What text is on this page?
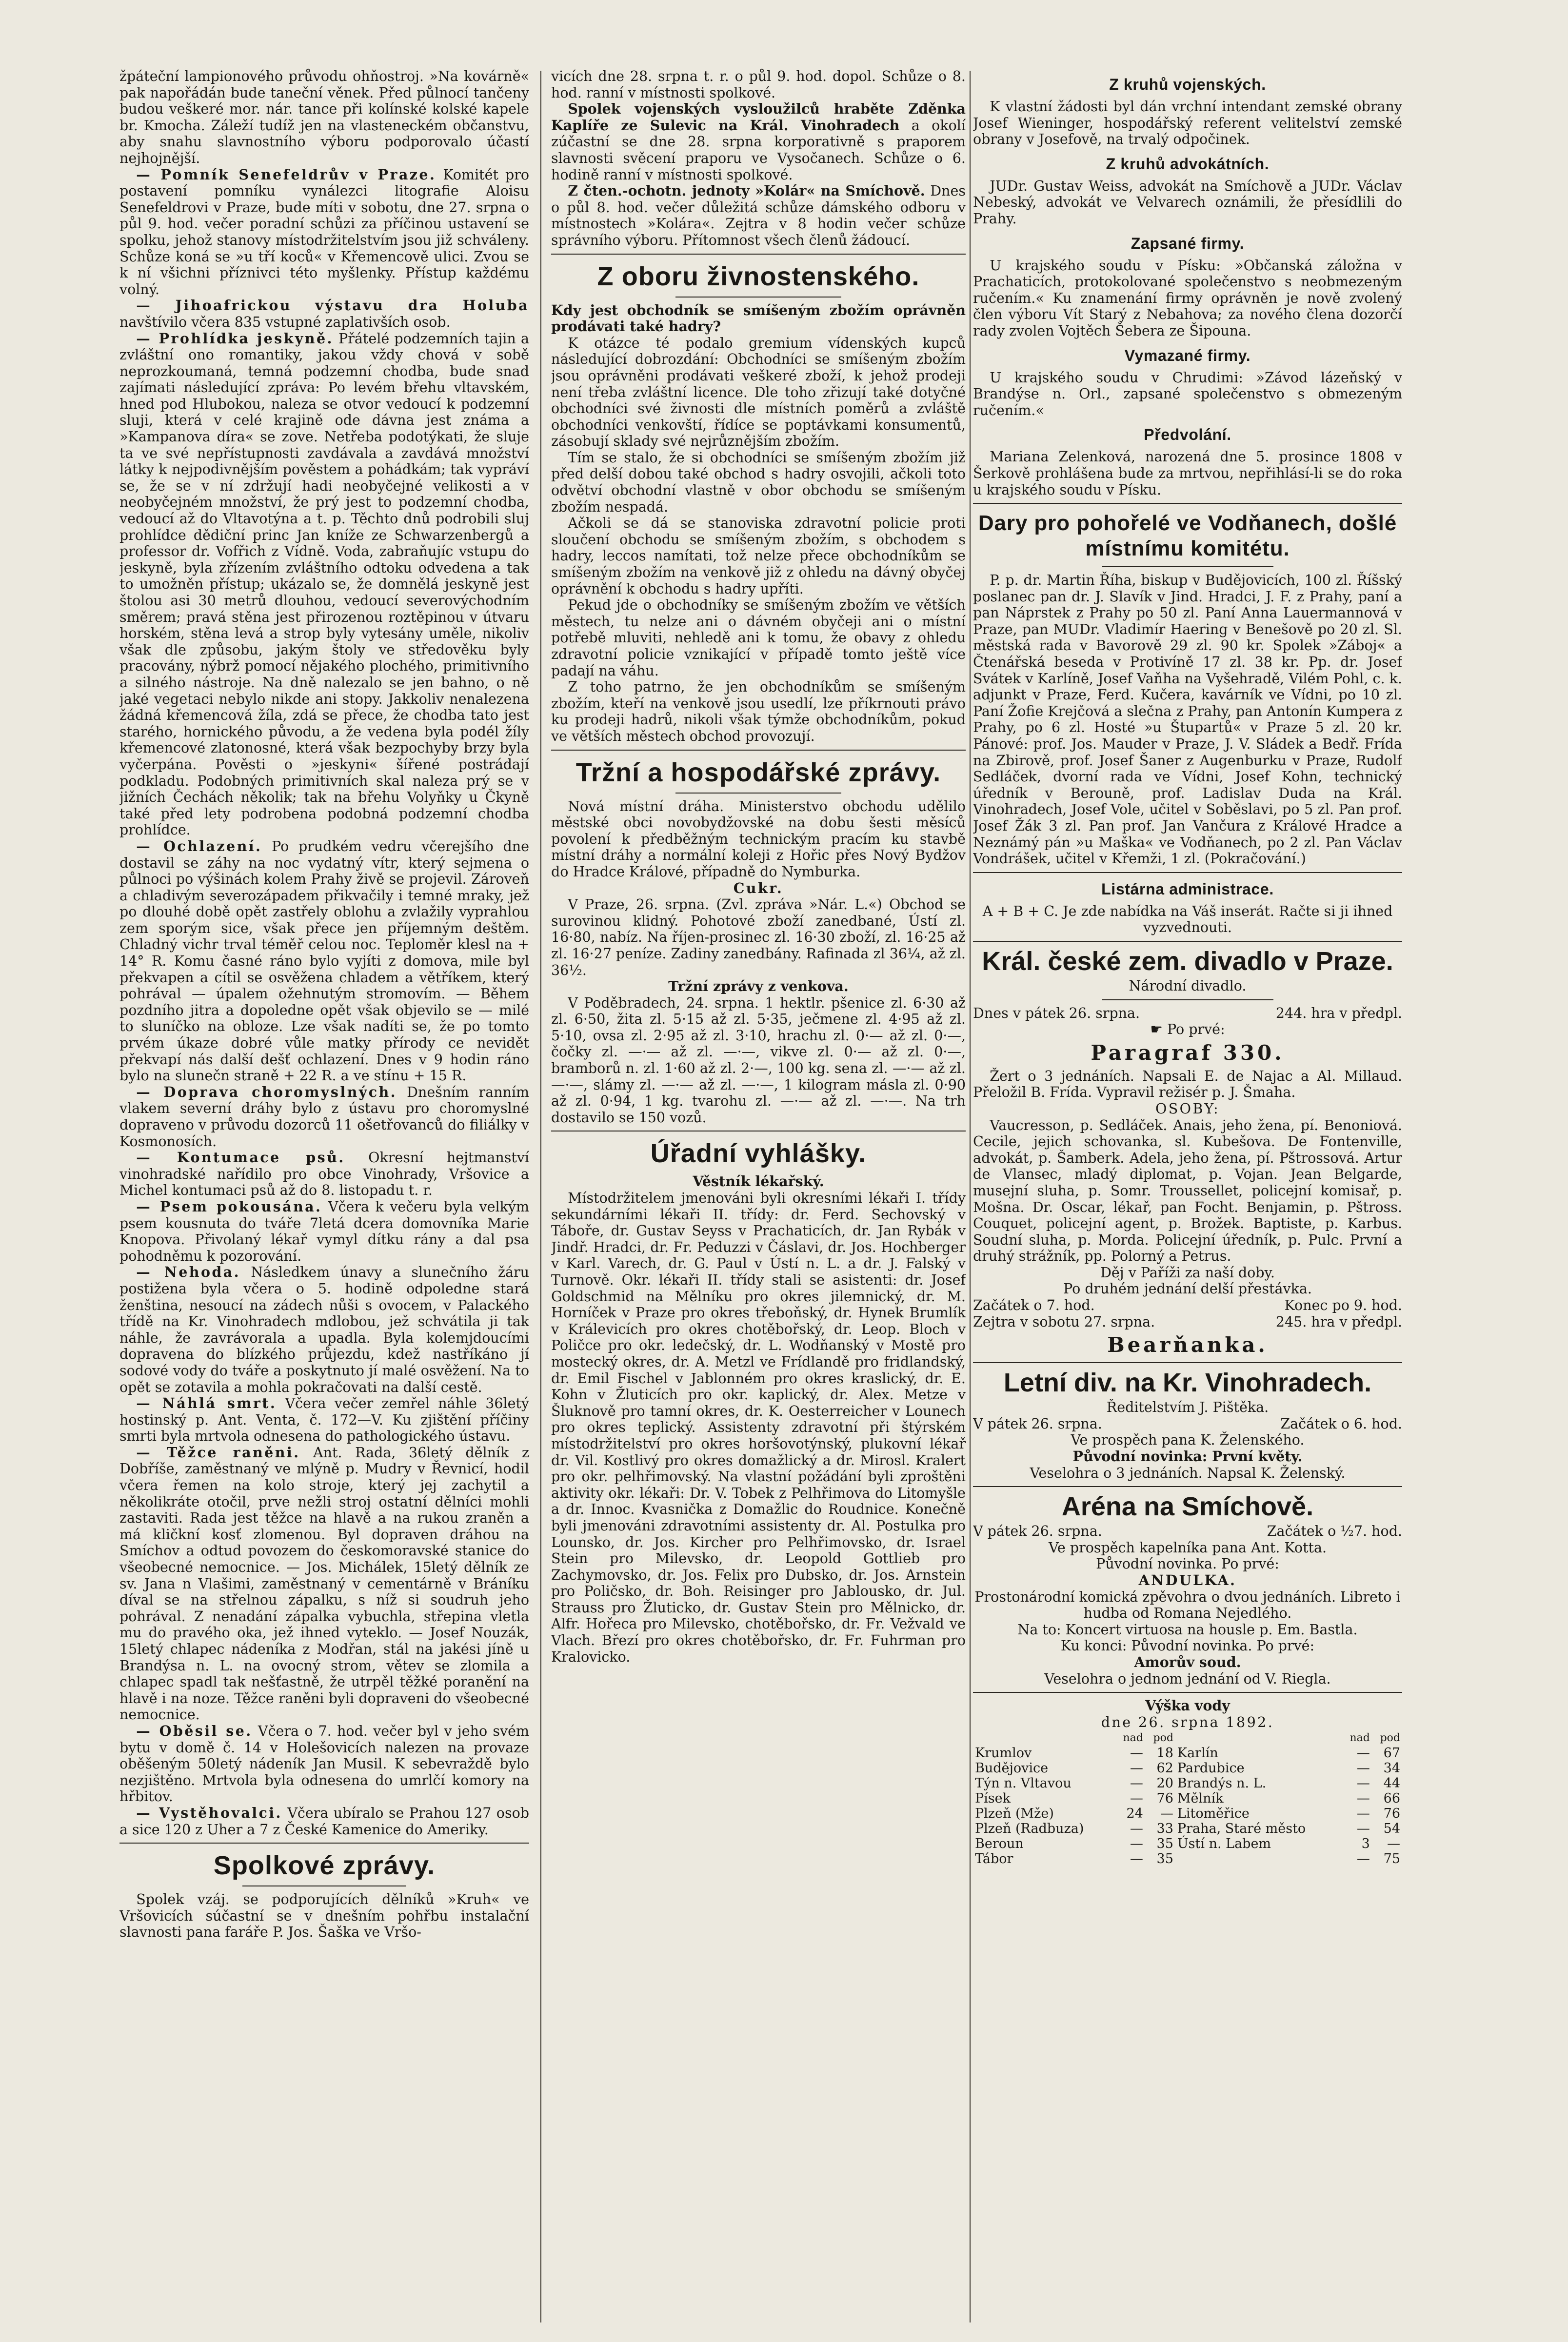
žpáteční lampionového průvodu ohňostroj. »Na kovárně« pak napořádán bude taneční věnek. Před půlnocí tančeny budou veškeré mor. nár. tance při kolínské kolské kapele br. Kmocha. Záleží tudíž jen na vlasteneckém občanstvu, aby snahu slavnostního výboru podporovalo účastí nejhojnější.

— Pomník Senefeldrův v Praze. Komitét pro postavení pomníku vynálezci litografie Aloisu Senefeldrovi v Praze, bude míti v sobotu, dne 27. srpna o půl 9. hod. večer poradní schůzi za příčinou ustavení se spolku, jehož stanovy místodržitelstvím jsou již schváleny. Schůze koná se »u tří koců« v Křemencově ulici. Zvou se k ní všichni příznivci této myšlenky. Přístup každému volný.

— Jihoafrickou výstavu dra Holuba navštívilo včera 835 vstupné zaplativších osob.

— Prohlídka jeskyně. Přátelé podzemních tajin a zvláštní ono romantiky, jakou vždy chová v sobě neprozkoumaná, temná podzemní chodba, bude snad zajímati následující zpráva: Po levém břehu vltavském, hned pod Hlubokou, naleza se otvor vedoucí k podzemní sluji, která v celé krajině ode dávna jest známa a »Kampanova díra« se zove. Netřeba podotýkati, že sluje ta ve své nepřístupnosti zavdávala a zavdává množství látky k nejpodivnějším pověstem a pohádkám; tak vypráví se, že se v ní zdržují hadi neobyčejné velikosti a v neobyčejném množství, že prý jest to podzemní chodba, vedoucí až do Vltavotýna a t. p. Těchto dnů podrobili sluj prohlídce dědiční princ Jan kníže ze Schwarzenbergů a professor dr. Vofřich z Vídně. Voda, zabraňujíc vstupu do jeskyně, byla zřízením zvláštního odtoku odvedena a tak to umožněn přístup; ukázalo se, že domnělá jeskyně jest štolou asi 30 metrů dlouhou, vedoucí severovýchodním směrem; pravá stěna jest přirozenou roztěpinou v útvaru horském, stěna levá a strop byly vytesány uměle, nikoliv však dle způsobu, jakým štoly ve středověku byly pracovány, nýbrž pomocí nějakého plochého, primitivního a silného nástroje. Na dně nalezalo se jen bahno, o ně jaké vegetaci nebylo nikde ani stopy. Jakkoliv nenalezena žádná křemencová žíla, zdá se přece, že chodba tato jest starého, hornického původu, a že vedena byla podél žíly křemencové zlatonosné, která však bezpochyby brzy byla vyčerpána. Pověsti o »jeskyni« šířené postrádají podkladu. Podobných primitivních skal naleza prý se v jižních Čechách několik; tak na břehu Volyňky u Čkyně také před lety podrobena podobná podzemní chodba prohlídce.

— Ochlazení. Po prudkém vedru včerejšího dne dostavil se záhy na noc vydatný vítr, který sejmena o půlnoci po výšinách kolem Prahy živě se projevil. Zároveň a chladivým severozápadem přikvačily i temné mraky, jež po dlouhé době opět zastřely oblohu a zvlažily vyprahlou zem sporým sice, však přece jen příjemným deštěm. Chladný vichr trval téměř celou noc. Teploměr klesl na + 14° R. Komu časné ráno bylo vyjíti z domova, mile byl překvapen a cítil se osvěžena chladem a větříkem, který pohrával — úpalem ožehnutým stromovím. — Během pozdního jitra a dopoledne opět však objevilo se — milé to sluníčko na obloze. Lze však nadíti se, že po tomto prvém úkaze dobré vůle matky přírody ce nevidět překvapí nás další dešť ochlazení. Dnes v 9 hodin ráno bylo na slunečn straně + 22 R. a ve stínu + 15 R.

— Doprava choromyslných. Dnešním ranním vlakem severní dráhy bylo z ústavu pro choromyslné dopraveno v průvodu dozorců 11 ošetřovanců do filiálky v Kosmonosích.

— Kontumace psů. Okresní hejtmanství vinohradské nařídilo pro obce Vinohrady, Vršovice a Michel kontumaci psů až do 8. listopadu t. r.

— Psem pokousána. Včera k večeru byla velkým psem kousnuta do tváře 7letá dcera domovníka Marie Knopova. Přivolaný lékař vymyl dítku rány a dal psa pohodněmu k pozorování.

— Nehoda. Následkem únavy a slunečního žáru postižena byla včera o 5. hodině odpoledne stará ženština, nesoucí na zádech nůši s ovocem, v Palackého třídě na Kr. Vinohradech mdlobou, jež schvátila ji tak náhle, že zavrávorala a upadla. Byla kolemjdoucími dopravena do blízkého průjezdu, kdež nastříkáno jí sodové vody do tváře a poskytnuto jí malé osvěžení. Na to opět se zotavila a mohla pokračovati na další cestě.

— Náhlá smrt. Včera večer zemřel náhle 36letý hostinský p. Ant. Venta, č. 172—V. Ku zjištění příčiny smrti byla mrtvola odnesena do pathologického ústavu.

— Těžce raněni. Ant. Rada, 36letý dělník z Dobříše, zaměstnaný ve mlýně p. Mudry v Řevnicí, hodil včera řemen na kolo stroje, který jej zachytil a několikráte otočil, prve nežli stroj ostatní dělníci mohli zastaviti. Rada jest těžce na hlavě a na rukou zraněn a má kličkní kosť zlomenou. Byl dopraven dráhou na Smíchov a odtud povozem do českomoravské stanice do všeobecné nemocnice. — Jos. Michálek, 15letý dělník ze sv. Jana n Vlašimi, zaměstnaný v cementárně v Bráníku díval se na střelnou zápalku, s níž si soudruh jeho pohrával. Z nenadání zápalka vybuchla, střepina vletla mu do pravého oka, jež ihned vyteklo. — Josef Nouzák, 15letý chlapec nádeníka z Modřan, stál na jakési jíně u Brandýsa n. L. na ovocný strom, větev se zlomila a chlapec spadl tak nešťastně, že utrpěl těžké poranění na hlavě i na noze. Těžce raněni byli dopraveni do všeobecné nemocnice.

— Oběsil se. Včera o 7. hod. večer byl v jeho svém bytu v domě č. 14 v Holešovicích nalezen na provaze oběšeným 50letý nádeník Jan Musil. K sebevraždě bylo nezjištěno. Mrtvola byla odnesena do umrlčí komory na hřbitov.

— Vystěhovalci. Včera ubíralo se Prahou 127 osob a sice 120 z Uher a 7 z České Kamenice do Ameriky.

Spolkové zprávy.

Spolek vzáj. se podporujících dělníků »Kruh« ve Vršovicích súčastní se v dnešním pohřbu instalační slavnosti pana faráře P. Jos. Šaška ve Vršo-

vicích dne 28. srpna t. r. o půl 9. hod. dopol. Schůze o 8. hod. ranní v místnosti spolkové.

Spolek vojenských vysloužilců hraběte Zděnka Kaplíře ze Sulevic na Král. Vinohradech a okolí zúčastní se dne 28. srpna korporativně s praporem slavnosti svěcení praporu ve Vysočanech. Schůze o 6. hodině ranní v místnosti spolkové.

Z čten.-ochotn. jednoty »Kolár« na Smíchově. Dnes o půl 8. hod. večer důležitá schůze dámského odboru v místnostech »Kolára«. Zejtra v 8 hodin večer schůze správního výboru. Přítomnost všech členů žádoucí.

Z oboru živnostenského.

Kdy jest obchodník se smíšeným zbožím oprávněn prodávati také hadry?

K otázce té podalo gremium vídenských kupců následující dobrozdání: Obchodníci se smíšeným zbožím jsou oprávněni prodávati veškeré zboží, k jehož prodeji není třeba zvláštní licence. Dle toho zřizují také dotyčné obchodníci své živnosti dle místních poměrů a zvláště obchodníci venkovští, řídíce se poptávkami konsumentů, zásobují sklady své nejrůznějším zbožím.

Tím se stalo, že si obchodníci se smíšeným zbožím již před delší dobou také obchod s hadry osvojili, ačkoli toto odvětví obchodní vlastně v obor obchodu se smíšeným zbožím nespadá.

Ačkoli se dá se stanoviska zdravotní policie proti sloučení obchodu se smíšeným zbožím, s obchodem s hadry, leccos namítati, tož nelze přece obchodníkům se smíšeným zbožím na venkově již z ohledu na dávný obyčej oprávnění k obchodu s hadry upříti.

Pekud jde o obchodníky se smíšeným zbožím ve větších městech, tu nelze ani o dávném obyčeji ani o místní potřebě mluviti, nehledě ani k tomu, že obavy z ohledu zdravotní policie vznikající v případě tomto ještě více padají na váhu.

Z toho patrno, že jen obchodníkům se smíšeným zbožím, kteří na venkově jsou usedlí, lze příkrnouti právo ku prodeji hadrů, nikoli však týmže obchodníkům, pokud ve větších městech obchod provozují.

Tržní a hospodářské zprávy.

Nová místní dráha. Ministerstvo obchodu udělilo městské obci novobydžovské na dobu šesti měsíců povolení k předběžným technickým pracím ku stavbě místní dráhy a normální koleji z Hořic přes Nový Bydžov do Hradce Králové, případně do Nymburka.

Cukr.

V Praze, 26. srpna. (Zvl. zpráva »Nár. L.«) Obchod se surovinou klidný. Pohotové zboží zanedbané, Ústí zl. 16·80, nabíz. Na říjen-prosinec zl. 16·30 zboží, zl. 16·25 až zl. 16·27 peníze. Zadiny zanedbány. Rafinada zl 36¼, až zl. 36½.

Tržní zprávy z venkova.

V Poděbradech, 24. srpna. 1 hektlr. pšenice zl. 6·30 až zl. 6·50, žita zl. 5·15 až zl. 5·35, ječmene zl. 4·95 až zl. 5·10, ovsa zl. 2·95 až zl. 3·10, hrachu zl. 0·— až zl. 0·—, čočky zl. —·— až zl. —·—, vikve zl. 0·— až zl. 0·—, bramborů n. zl. 1·60 až zl. 2·—, 100 kg. sena zl. —·— až zl. —·—, slámy zl. —·— až zl. —·—, 1 kilogram másla zl. 0·90 až zl. 0·94, 1 kg. tvarohu zl. —·— až zl. —·—. Na trh dostavilo se 150 vozů.

Úřadní vyhlášky.

Věstník lékařský.

Místodržitelem jmenováni byli okresními lékaři I. třídy sekundárními lékaři II. třídy: dr. Ferd. Sechovský v Táboře, dr. Gustav Seyss v Prachaticích, dr. Jan Rybák v Jindř. Hradci, dr. Fr. Peduzzi v Čáslavi, dr. Jos. Hochberger v Karl. Varech, dr. G. Paul v Ústí n. L. a dr. J. Falský v Turnově. Okr. lékaři II. třídy stali se asistenti: dr. Josef Goldschmid na Mělníku pro okres jilemnický, dr. M. Horníček v Praze pro okres třeboňský, dr. Hynek Brumlík v Králevicích pro okres chotěbořský, dr. Leop. Bloch v Poličce pro okr. ledečský, dr. L. Wodňanský v Mostě pro mostecký okres, dr. A. Metzl ve Frídlandě pro fridlandský, dr. Emil Fischel v Jablonném pro okres kraslický, dr. E. Kohn v Žluticích pro okr. kaplický, dr. Alex. Metze v Šluknově pro tamní okres, dr. K. Oesterreicher v Lounech pro okres teplický. Assistenty zdravotní při štýrském místodržitelství pro okres horšovotýnský, plukovní lékař dr. Vil. Kostlivý pro okres domažlický a dr. Mirosl. Kralert pro okr. pelhřimovský. Na vlastní požádání byli zproštěni aktivity okr. lékaři: Dr. V. Tobek z Pelhřimova do Litomyšle a dr. Innoc. Kvasnička z Domažlic do Roudnice. Konečně byli jmenováni zdravotními assistenty dr. Al. Postulka pro Lounsko, dr. Jos. Kircher pro Pelhřimovsko, dr. Israel Stein pro Milevsko, dr. Leopold Gottlieb pro Zachymovsko, dr. Jos. Felix pro Dubsko, dr. Jos. Arnstein pro Poličsko, dr. Boh. Reisinger pro Jablousko, dr. Jul. Strauss pro Žluticko, dr. Gustav Stein pro Mělnicko, dr. Alfr. Hořeca pro Milevsko, chotěbořsko, dr. Fr. Vežvald ve Vlach. Březí pro okres chotěbořsko, dr. Fr. Fuhrman pro Kralovicko.

Z kruhů vojenských.

K vlastní žádosti byl dán vrchní intendant zemské obrany Josef Wieninger, hospodářský referent velitelství zemské obrany v Josefově, na trvalý odpočinek.

Z kruhů advokátních.

JUDr. Gustav Weiss, advokát na Smíchově a JUDr. Václav Nebeský, advokát ve Velvarech oznámili, že přesídlili do Prahy.

Zapsané firmy.

U krajského soudu v Písku: »Občanská záložna v Prachaticích, protokolované společenstvo s neobmezeným ručením.« Ku znamenání firmy oprávněn je nově zvolený člen výboru Vít Starý z Nebahova; za nového člena dozorčí rady zvolen Vojtěch Šebera ze Šipouna.

Vymazané firmy.

U krajského soudu v Chrudimi: »Závod lázeňský v Brandýse n. Orl., zapsané společenstvo s obmezeným ručením.«

Předvolání.

Mariana Zelenková, narozená dne 5. prosince 1808 v Šerkově prohlášena bude za mrtvou, nepřihlásí-li se do roka u krajského soudu v Písku.

Dary pro pohořelé ve Vodňanech, došlé místnímu komitétu.

P. p. dr. Martin Říha, biskup v Budějovicích, 100 zl. Říšský poslanec pan dr. J. Slavík v Jind. Hradci, J. F. z Prahy, paní a pan Náprstek z Prahy po 50 zl. Paní Anna Lauermannová v Praze, pan MUDr. Vladimír Haering v Benešově po 20 zl. Sl. městská rada v Bavorově 29 zl. 90 kr. Spolek »Záboj« a Čtenářská beseda v Protivíně 17 zl. 38 kr. Pp. dr. Josef Svátek v Karlíně, Josef Vaňha na Vyšehradě, Vilém Pohl, c. k. adjunkt v Praze, Ferd. Kučera, kavárník ve Vídni, po 10 zl. Paní Žofie Krejčová a slečna z Prahy, pan Antonín Kumpera z Prahy, po 6 zl. Hosté »u Štupartů« v Praze 5 zl. 20 kr. Pánové: prof. Jos. Mauder v Praze, J. V. Sládek a Bedř. Frída na Zbirově, prof. Josef Šaner z Augenburku v Praze, Rudolf Sedláček, dvorní rada ve Vídni, Josef Kohn, technický úředník v Berouně, prof. Ladislav Duda na Král. Vinohradech, Josef Vole, učitel v Soběslavi, po 5 zl. Pan prof. Josef Žák 3 zl. Pan prof. Jan Vančura z Králové Hradce a Neznámý pán »u Maška« ve Vodňanech, po 2 zl. Pan Václav Vondrášek, učitel v Křemži, 1 zl. (Pokračování.)

Listárna administrace.

A + B + C. Je zde nabídka na Váš inserát. Račte si ji ihned vyzvednouti.

Král. české zem. divadlo v Praze.

Národní divadlo.

Dnes v pátek 26. srpna.	244. hra v předpl.

☛ Po prvé:

Paragraf 330.

Žert o 3 jednáních. Napsali E. de Najac a Al. Millaud. Přeložil B. Frída. Vypravil režisér p. J. Šmaha.

OSOBY:

Vaucresson, p. Sedláček. Anais, jeho žena, pí. Benoniová. Cecile, jejich schovanka, sl. Kubešova. De Fontenville, advokát, p. Šamberk. Adela, jeho žena, pí. Pštrossová. Artur de Vlansec, mladý diplomat, p. Vojan. Jean Belgarde, musejní sluha, p. Somr. Troussellet, policejní komisař, p. Mošna. Dr. Oscar, lékař, pan Focht. Benjamin, p. Pštross. Couquet, policejní agent, p. Brožek. Baptiste, p. Karbus. Soudní sluha, p. Morda. Policejní úředník, p. Pulc. První a druhý strážník, pp. Polorný a Petrus.

Děj v Paříži za naší doby.

Po druhém jednání delší přestávka.

Začátek o 7. hod.	Konec po 9. hod.
Zejtra v sobotu 27. srpna.	245. hra v předpl.
Bearňanka.
Letní div. na Kr. Vinohradech.

Ředitelstvím J. Pištěka.

V pátek 26. srpna.	Začátek o 6. hod.

Ve prospěch pana K. Želenského.

Původní novinka: První květy.

Veselohra o 3 jednáních. Napsal K. Želenský.

Aréna na Smíchově.
V pátek 26. srpna.	Začátek o ½7. hod.

Ve prospěch kapelníka pana Ant. Kotta.

Původní novinka. Po prvé:

ANDULKA.

Prostonárodní komická zpěvohra o dvou jednáních. Libreto i hudba od Romana Nejedlého.

Na to: Koncert virtuosa na housle p. Em. Bastla.

Ku konci: Původní novinka. Po prvé:

Amorův soud.

Veselohra o jednom jednání od V. Riegla.

Výška vody

dne 26. srpna 1892.

	nad	pod		nad	pod
Krumlov	—	18	Karlín	—	67
Budějovice	—	62	Pardubice	—	34
Týn n. Vltavou	—	20	Brandýs n. L.	—	44
Písek	—	76	Mělník	—	66
Plzeň (Mže)	24	—	Litoměřice	—	76
Plzeň (Radbuza)	—	33	Praha, Staré město	—	54
Beroun	—	35	Ústí n. Labem	3	—
Tábor	—	35		—	75
